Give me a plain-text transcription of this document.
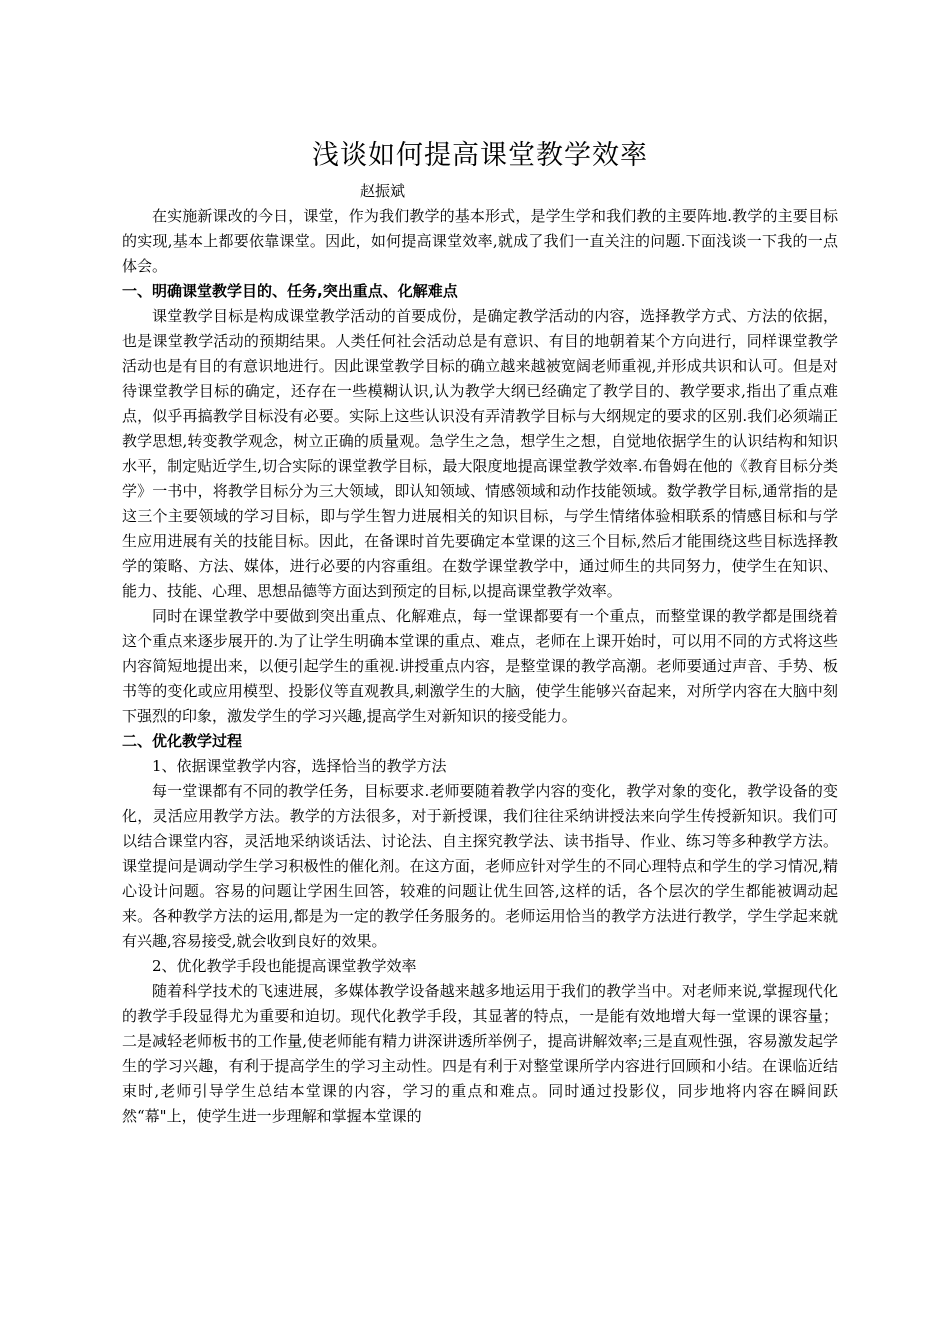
浅谈如何提高课堂教学效率
赵振斌

在实施新课改的今日，课堂，作为我们教学的基本形式，是学生学和我们教的主要阵地.教学的主要目标的实现,基本上都要依靠课堂。因此，如何提高课堂效率,就成了我们一直关注的问题.下面浅谈一下我的一点体会。

一、明确课堂教学目的、任务,突出重点、化解难点

课堂教学目标是构成课堂教学活动的首要成份，是确定教学活动的内容，选择教学方式、方法的依据，也是课堂教学活动的预期结果。人类任何社会活动总是有意识、有目的地朝着某个方向进行，同样课堂教学活动也是有目的有意识地进行。因此课堂教学目标的确立越来越被宽阔老师重视,并形成共识和认可。但是对待课堂教学目标的确定，还存在一些模糊认识,认为教学大纲已经确定了教学目的、教学要求,指出了重点难点，似乎再搞教学目标没有必要。实际上这些认识没有弄清教学目标与大纲规定的要求的区别.我们必须端正教学思想,转变教学观念，树立正确的质量观。急学生之急，想学生之想，自觉地依据学生的认识结构和知识水平，制定贴近学生,切合实际的课堂教学目标，最大限度地提高课堂教学效率.布鲁姆在他的《教育目标分类学》一书中，将教学目标分为三大领域，即认知领域、情感领域和动作技能领域。数学教学目标,通常指的是这三个主要领域的学习目标，即与学生智力进展相关的知识目标，与学生情绪体验相联系的情感目标和与学生应用进展有关的技能目标。因此，在备课时首先要确定本堂课的这三个目标,然后才能围绕这些目标选择教学的策略、方法、媒体，进行必要的内容重组。在数学课堂教学中，通过师生的共同努力，使学生在知识、能力、技能、心理、思想品德等方面达到预定的目标,以提高课堂教学效率。

同时在课堂教学中要做到突出重点、化解难点，每一堂课都要有一个重点，而整堂课的教学都是围绕着这个重点来逐步展开的.为了让学生明确本堂课的重点、难点，老师在上课开始时，可以用不同的方式将这些内容简短地提出来，以便引起学生的重视.讲授重点内容，是整堂课的教学高潮。老师要通过声音、手势、板书等的变化或应用模型、投影仪等直观教具,刺激学生的大脑，使学生能够兴奋起来，对所学内容在大脑中刻下强烈的印象，激发学生的学习兴趣,提高学生对新知识的接受能力。

二、优化教学过程
1、依据课堂教学内容，选择恰当的教学方法

每一堂课都有不同的教学任务，目标要求.老师要随着教学内容的变化，教学对象的变化，教学设备的变化，灵活应用教学方法。教学的方法很多，对于新授课，我们往往采纳讲授法来向学生传授新知识。我们可以结合课堂内容，灵活地采纳谈话法、讨论法、自主探究教学法、读书指导、作业、练习等多种教学方法。课堂提问是调动学生学习积极性的催化剂。在这方面，老师应针对学生的不同心理特点和学生的学习情况,精心设计问题。容易的问题让学困生回答，较难的问题让优生回答,这样的话，各个层次的学生都能被调动起来。各种教学方法的运用,都是为一定的教学任务服务的。老师运用恰当的教学方法进行教学，学生学起来就有兴趣,容易接受,就会收到良好的效果。

2、优化教学手段也能提高课堂教学效率

随着科学技术的飞速进展，多媒体教学设备越来越多地运用于我们的教学当中。对老师来说,掌握现代化的教学手段显得尤为重要和迫切。现代化教学手段，其显著的特点，一是能有效地增大每一堂课的课容量；二是减轻老师板书的工作量,使老师能有精力讲深讲透所举例子，提高讲解效率;三是直观性强，容易激发起学生的学习兴趣，有利于提高学生的学习主动性。四是有利于对整堂课所学内容进行回顾和小结。在课临近结束时,老师引导学生总结本堂课的内容，学习的重点和难点。同时通过投影仪，同步地将内容在瞬间跃然“幕"上，使学生进一步理解和掌握本堂课的
